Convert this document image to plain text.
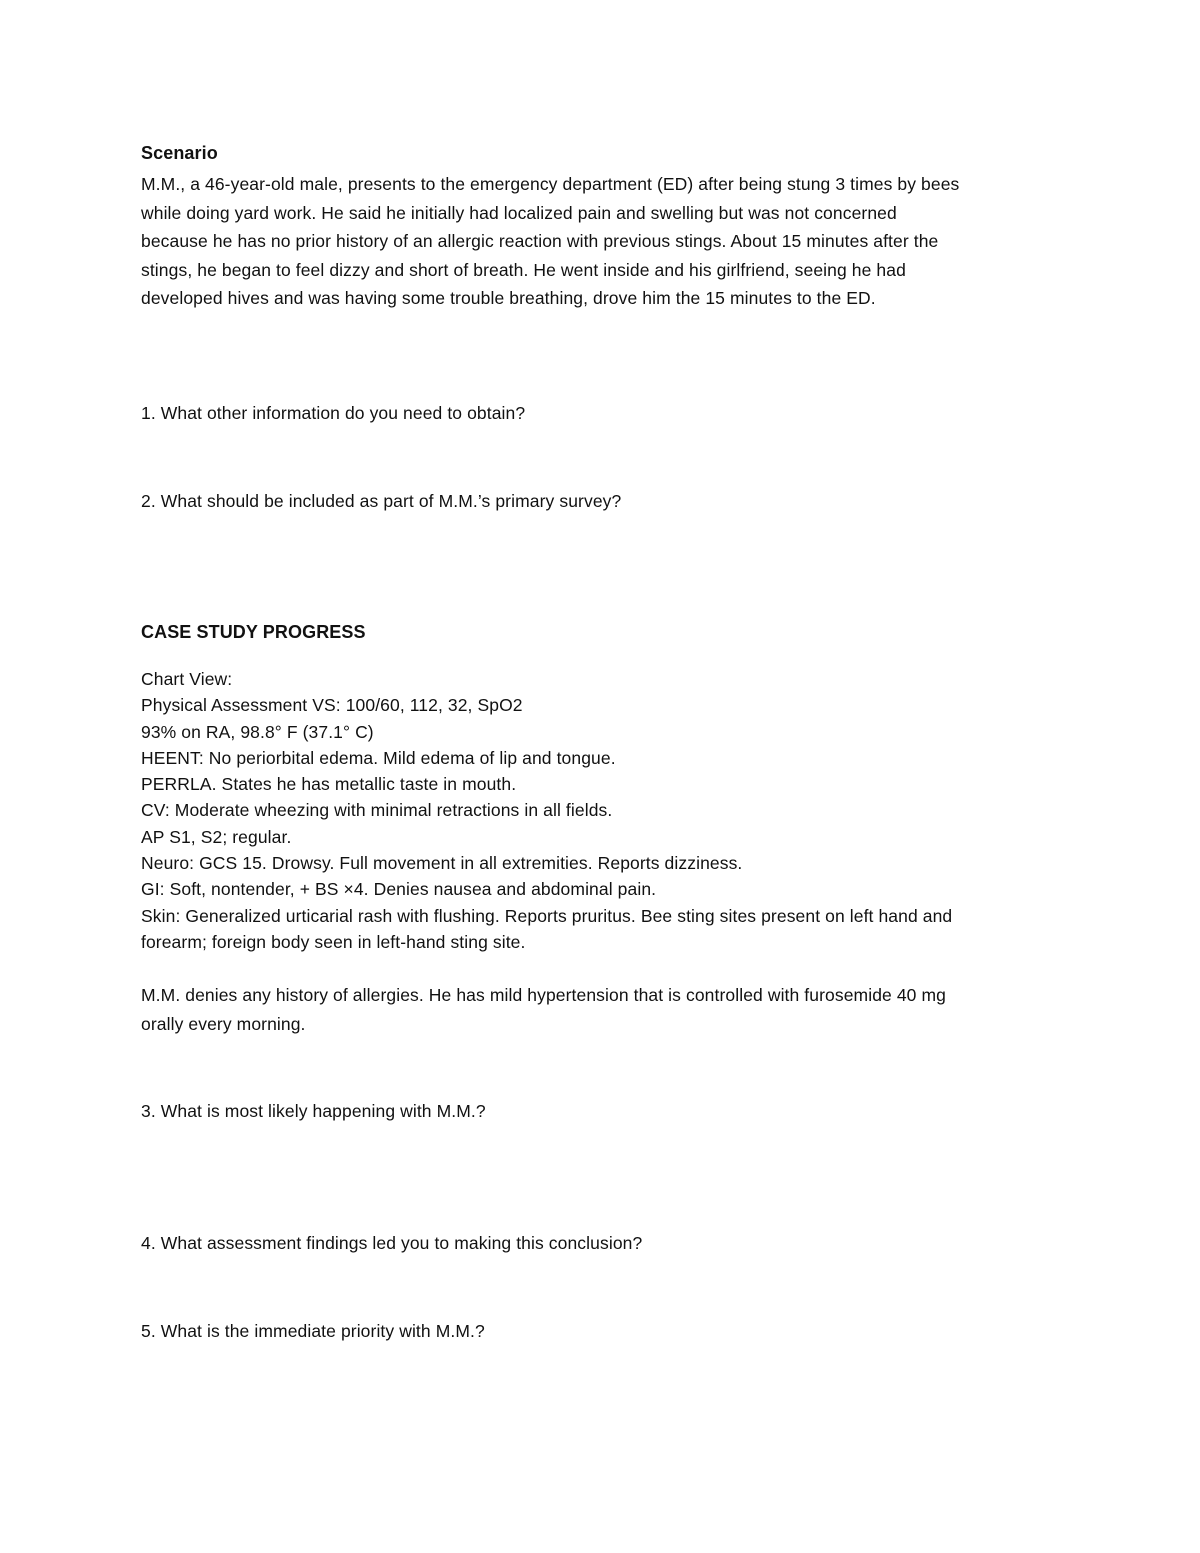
Scenario
M.M., a 46-year-old male, presents to the emergency department (ED) after being stung 3 times by bees
while doing yard work. He said he initially had localized pain and swelling but was not concerned
because he has no prior history of an allergic reaction with previous stings. About 15 minutes after the
stings, he began to feel dizzy and short of breath. He went inside and his girlfriend, seeing he had
developed hives and was having some trouble breathing, drove him the 15 minutes to the ED.
1. What other information do you need to obtain?
2. What should be included as part of M.M.’s primary survey?
CASE STUDY PROGRESS
Chart View:
Physical Assessment VS: 100/60, 112, 32, SpO2
93% on RA, 98.8° F (37.1° C)
HEENT: No periorbital edema. Mild edema of lip and tongue.
PERRLA. States he has metallic taste in mouth.
CV: Moderate wheezing with minimal retractions in all fields.
AP S1, S2; regular.
Neuro: GCS 15. Drowsy. Full movement in all extremities. Reports dizziness.
GI: Soft, nontender, + BS ×4. Denies nausea and abdominal pain.
Skin: Generalized urticarial rash with flushing. Reports pruritus. Bee sting sites present on left hand and
forearm; foreign body seen in left-hand sting site.
M.M. denies any history of allergies. He has mild hypertension that is controlled with furosemide 40 mg
orally every morning.
3. What is most likely happening with M.M.?
4. What assessment findings led you to making this conclusion?
5. What is the immediate priority with M.M.?
